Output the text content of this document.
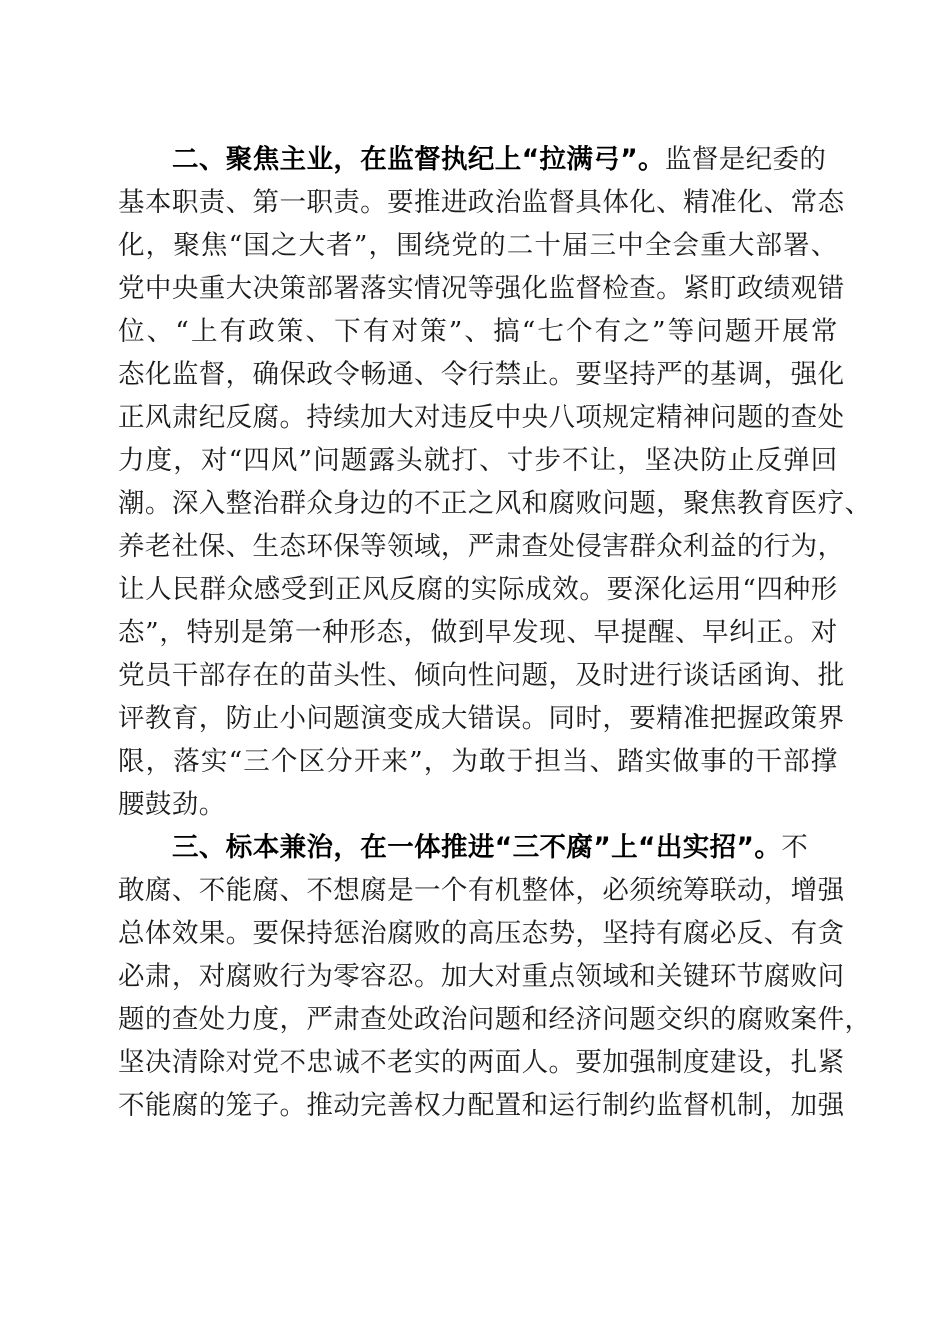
二、聚焦主业，在监督执纪上“拉满弓”。监督是纪委的
基 本 职 责 、 第 一 职 责 。 要 推 进 政 治 监 督 具 体 化 、 精 准 化 、 常 态
化 ， 聚 焦 “ 国 之 大 者 ” ， 围 绕 党 的 二 十 届 三 中 全 会 重 大 部 署 、
党 中 央 重 大 决 策 部 署 落 实 情 况 等 强 化 监 督 检 查 。 紧 盯 政 绩 观 错
位 、 “ 上 有 政 策 、 下 有 对 策 ” 、 搞 “ 七 个 有 之 ” 等 问 题 开 展 常
态 化 监 督 ， 确 保 政 令 畅 通 、 令 行 禁 止 。 要 坚 持 严 的 基 调 ， 强 化
正 风 肃 纪 反 腐 。 持 续 加 大 对 违 反 中 央 八 项 规 定 精 神 问 题 的 查 处
力 度 ， 对 “ 四 风 ” 问 题 露 头 就 打 、 寸 步 不 让 ， 坚 决 防 止 反 弹 回
潮 。 深 入 整 治 群 众 身 边 的 不 正 之 风 和 腐 败 问 题 ， 聚 焦 教 育 医 疗 、
养 老 社 保 、 生 态 环 保 等 领 域 ， 严 肃 查 处 侵 害 群 众 利 益 的 行 为 ，
让 人 民 群 众 感 受 到 正 风 反 腐 的 实 际 成 效 。 要 深 化 运 用 “ 四 种 形
态 ” ， 特 别 是 第 一 种 形 态 ， 做 到 早 发 现 、 早 提 醒 、 早 纠 正 。 对
党 员 干 部 存 在 的 苗 头 性 、 倾 向 性 问 题 ， 及 时 进 行 谈 话 函 询 、 批
评 教 育 ， 防 止 小 问 题 演 变 成 大 错 误 。 同 时 ， 要 精 准 把 握 政 策 界
限 ， 落 实 “ 三 个 区 分 开 来 ” ， 为 敢 于 担 当 、 踏 实 做 事 的 干 部 撑
腰鼓劲。
三、标本兼治，在一体推进“三不腐”上“出实招”。不
敢 腐 、 不 能 腐 、 不 想 腐 是 一 个 有 机 整 体 ， 必 须 统 筹 联 动 ， 增 强
总 体 效 果 。 要 保 持 惩 治 腐 败 的 高 压 态 势 ， 坚 持 有 腐 必 反 、 有 贪
必 肃 ， 对 腐 败 行 为 零 容 忍 。 加 大 对 重 点 领 域 和 关 键 环 节 腐 败 问
题 的 查 处 力 度 ， 严 肃 查 处 政 治 问 题 和 经 济 问 题 交 织 的 腐 败 案 件 ，
坚 决 清 除 对 党 不 忠 诚 不 老 实 的 两 面 人 。 要 加 强 制 度 建 设 ， 扎 紧
不 能 腐 的 笼 子 。 推 动 完 善 权 力 配 置 和 运 行 制 约 监 督 机 制 ， 加 强
